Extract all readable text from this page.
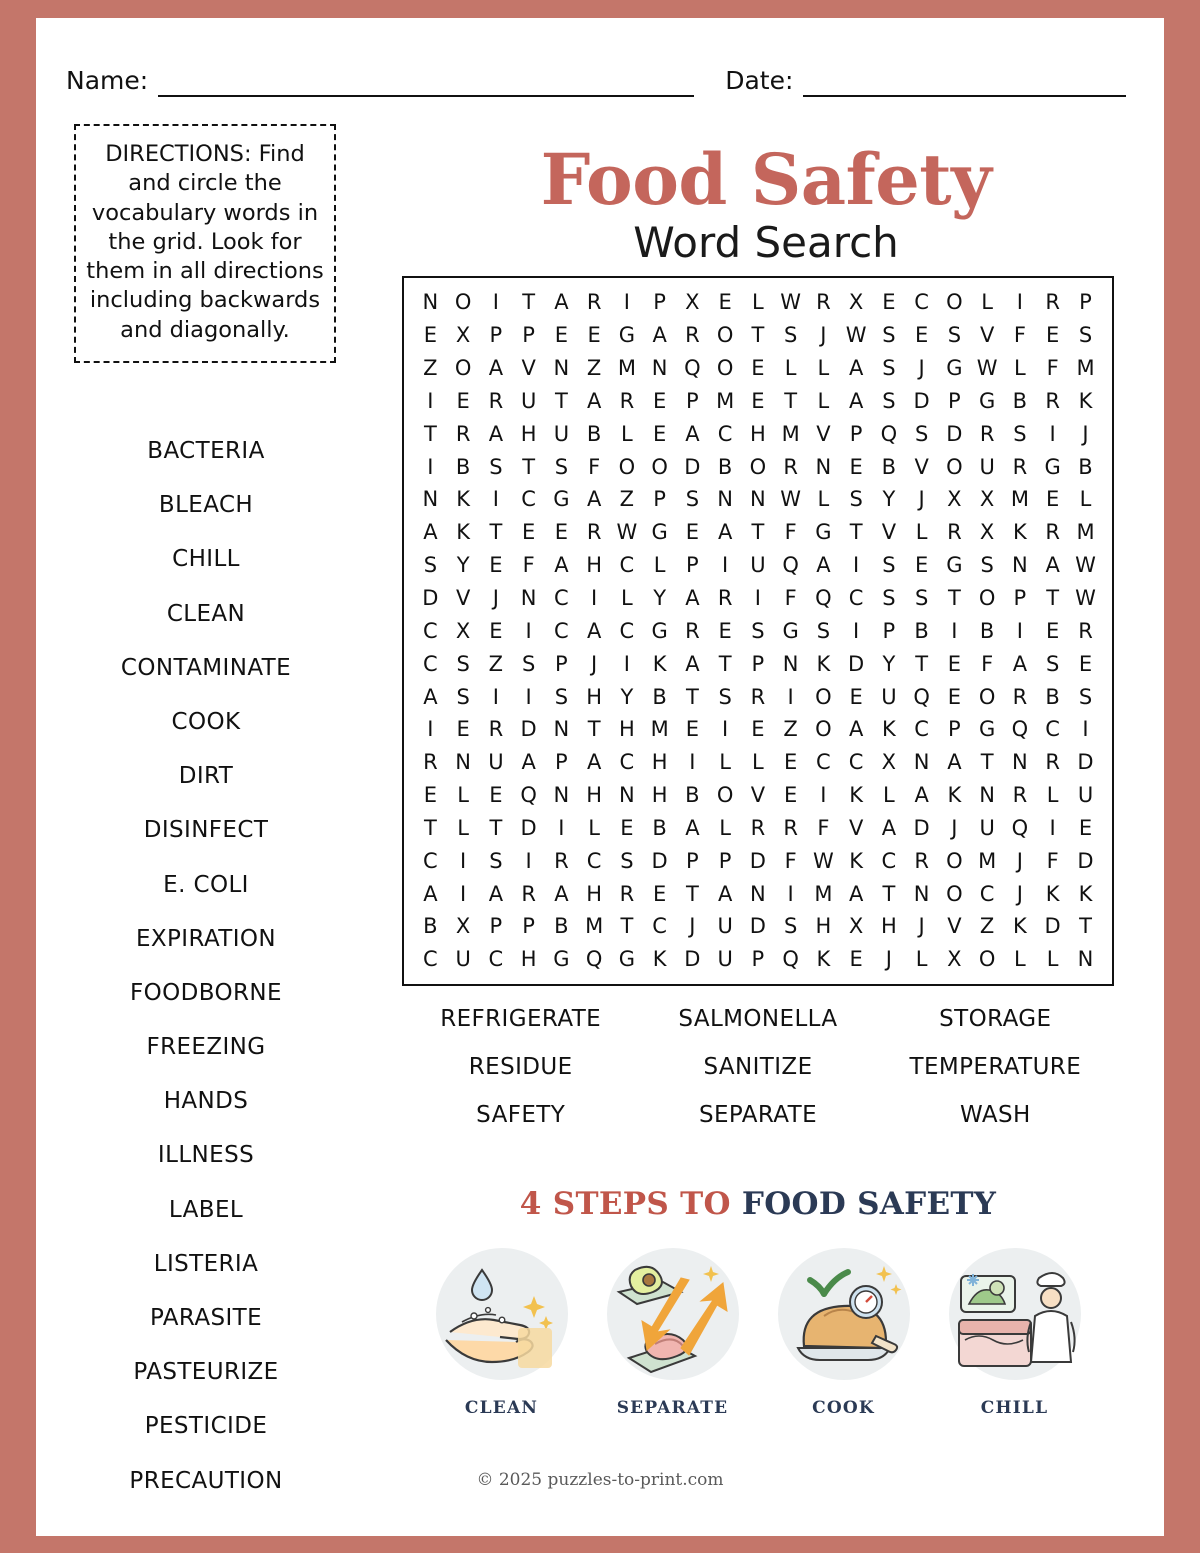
Name:	Date:
DIRECTIONS: Find and circle the vocabulary words in the grid. Look for them in all directions including backwards and diagonally.
Food Safety
Word Search
BACTERIA
BLEACH
CHILL
CLEAN
CONTAMINATE
COOK
DIRT
DISINFECT
E. COLI
EXPIRATION
FOODBORNE
FREEZING
HANDS
ILLNESS
LABEL
LISTERIA
PARASITE
PASTEURIZE
PESTICIDE
PRECAUTION
N	O	I	T	A	R	I	P	X	E	L	W	R	X	E	C	O	L	I	R	P
E	X	P	P	E	E	G	A	R	O	T	S	J	W	S	E	S	V	F	E	S
Z	O	A	V	N	Z	M	N	Q	O	E	L	L	A	S	J	G	W	L	F	M
I	E	R	U	T	A	R	E	P	M	E	T	L	A	S	D	P	G	B	R	K
T	R	A	H	U	B	L	E	A	C	H	M	V	P	Q	S	D	R	S	I	J
I	B	S	T	S	F	O	O	D	B	O	R	N	E	B	V	O	U	R	G	B
N	K	I	C	G	A	Z	P	S	N	N	W	L	S	Y	J	X	X	M	E	L
A	K	T	E	E	R	W	G	E	A	T	F	G	T	V	L	R	X	K	R	M
S	Y	E	F	A	H	C	L	P	I	U	Q	A	I	S	E	G	S	N	A	W
D	V	J	N	C	I	L	Y	A	R	I	F	Q	C	S	S	T	O	P	T	W
C	X	E	I	C	A	C	G	R	E	S	G	S	I	P	B	I	B	I	E	R
C	S	Z	S	P	J	I	K	A	T	P	N	K	D	Y	T	E	F	A	S	E
A	S	I	I	S	H	Y	B	T	S	R	I	O	E	U	Q	E	O	R	B	S
I	E	R	D	N	T	H	M	E	I	E	Z	O	A	K	C	P	G	Q	C	I
R	N	U	A	P	A	C	H	I	L	L	E	C	C	X	N	A	T	N	R	D
E	L	E	Q	N	H	N	H	B	O	V	E	I	K	L	A	K	N	R	L	U
T	L	T	D	I	L	E	B	A	L	R	R	F	V	A	D	J	U	Q	I	E
C	I	S	I	R	C	S	D	P	P	D	F	W	K	C	R	O	M	J	F	D
A	I	A	R	A	H	R	E	T	A	N	I	M	A	T	N	O	C	J	K	K
B	X	P	P	B	M	T	C	J	U	D	S	H	X	H	J	V	Z	K	D	T
C	U	C	H	G	Q	G	K	D	U	P	Q	K	E	J	L	X	O	L	L	N
REFRIGERATE	SALMONELLA	STORAGE
RESIDUE	SANITIZE	TEMPERATURE
SAFETY	SEPARATE	WASH
4 STEPS TO FOOD SAFETY
CLEAN	SEPARATE	COOK	CHILL
© 2025 puzzles-to-print.com
